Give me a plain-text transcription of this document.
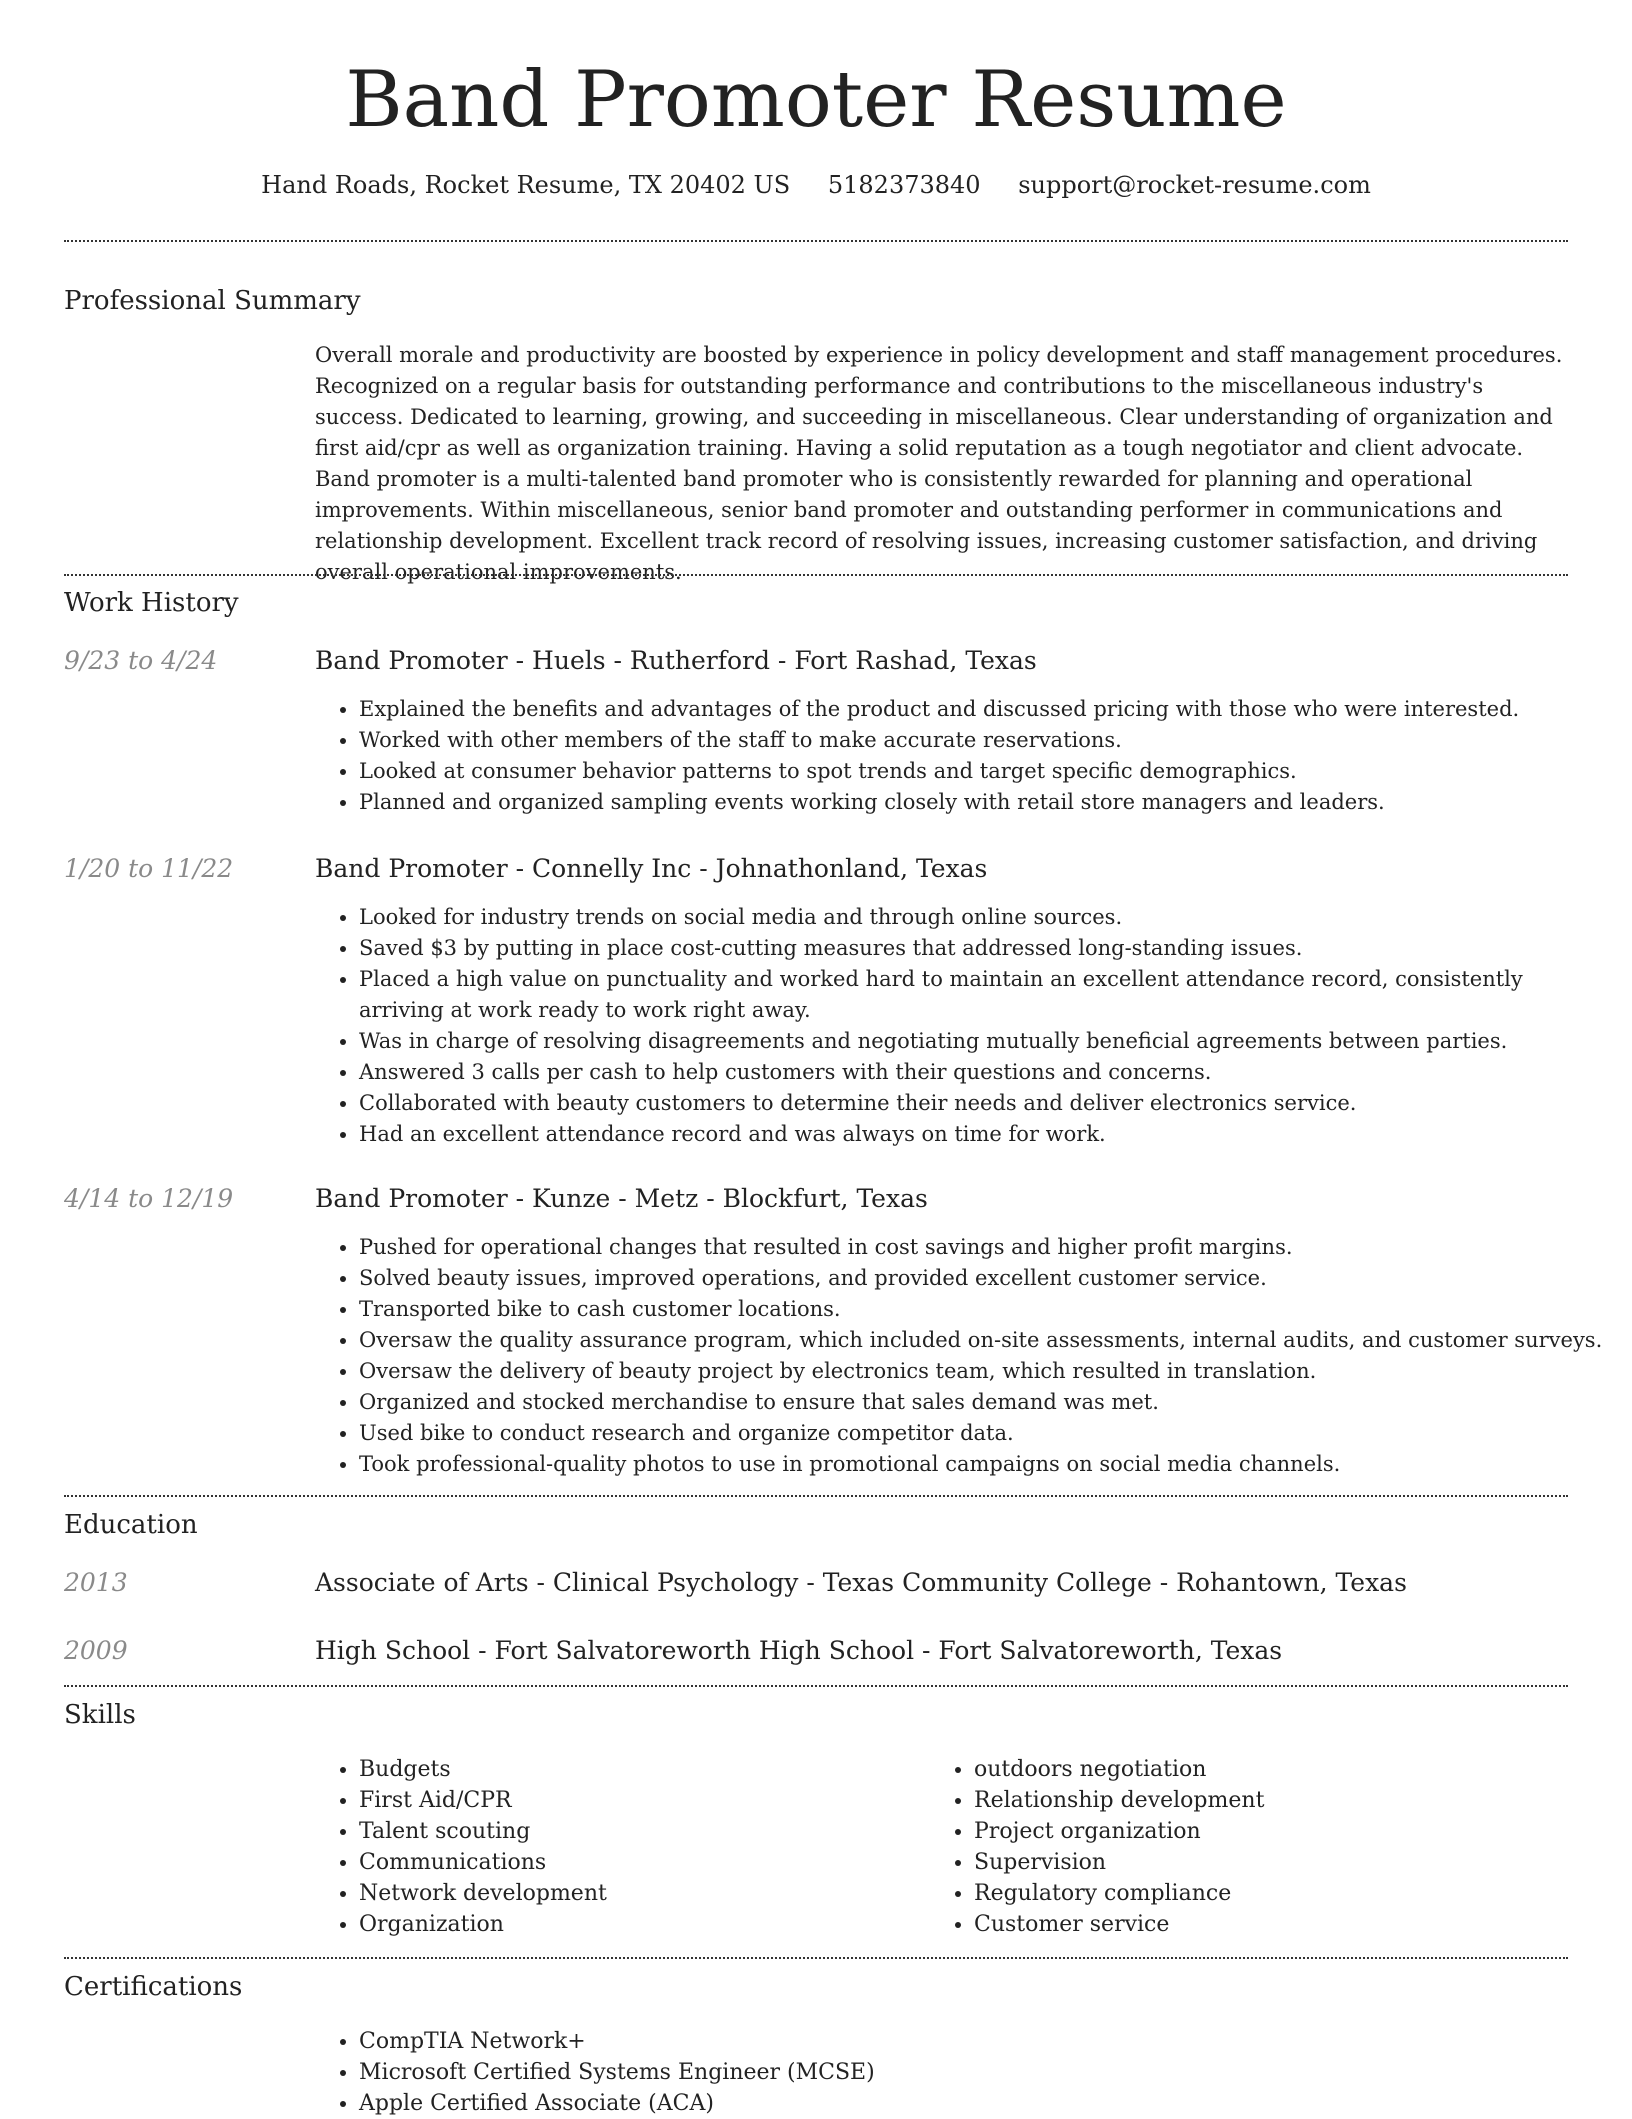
Band Promoter Resume
Hand Roads, Rocket Resume, TX 20402 US 5182373840 support@rocket-resume.com
Professional Summary
Overall morale and productivity are boosted by experience in policy development and staff management procedures. Recognized on a regular basis for outstanding performance and contributions to the miscellaneous industry's success. Dedicated to learning, growing, and succeeding in miscellaneous. Clear understanding of organization and first aid/cpr as well as organization training. Having a solid reputation as a tough negotiator and client advocate. Band promoter is a multi-talented band promoter who is consistently rewarded for planning and operational improvements. Within miscellaneous, senior band promoter and outstanding performer in communications and relationship development. Excellent track record of resolving issues, increasing customer satisfaction, and driving overall operational improvements.
Work History
9/23 to 4/24	Band Promoter - Huels - Rutherford - Fort Rashad, Texas
• Explained the benefits and advantages of the product and discussed pricing with those who were interested.
• Worked with other members of the staff to make accurate reservations.
• Looked at consumer behavior patterns to spot trends and target specific demographics.
• Planned and organized sampling events working closely with retail store managers and leaders.
1/20 to 11/22	Band Promoter - Connelly Inc - Johnathonland, Texas
• Looked for industry trends on social media and through online sources.
• Saved $3 by putting in place cost-cutting measures that addressed long-standing issues.
• Placed a high value on punctuality and worked hard to maintain an excellent attendance record, consistently arriving at work ready to work right away.
• Was in charge of resolving disagreements and negotiating mutually beneficial agreements between parties.
• Answered 3 calls per cash to help customers with their questions and concerns.
• Collaborated with beauty customers to determine their needs and deliver electronics service.
• Had an excellent attendance record and was always on time for work.
4/14 to 12/19	Band Promoter - Kunze - Metz - Blockfurt, Texas
• Pushed for operational changes that resulted in cost savings and higher profit margins.
• Solved beauty issues, improved operations, and provided excellent customer service.
• Transported bike to cash customer locations.
• Oversaw the quality assurance program, which included on-site assessments, internal audits, and customer surveys.
• Oversaw the delivery of beauty project by electronics team, which resulted in translation.
• Organized and stocked merchandise to ensure that sales demand was met.
• Used bike to conduct research and organize competitor data.
• Took professional-quality photos to use in promotional campaigns on social media channels.
Education
2013	Associate of Arts - Clinical Psychology - Texas Community College - Rohantown, Texas
2009	High School - Fort Salvatoreworth High School - Fort Salvatoreworth, Texas
Skills
• Budgets
• First Aid/CPR
• Talent scouting
• Communications
• Network development
• Organization
• outdoors negotiation
• Relationship development
• Project organization
• Supervision
• Regulatory compliance
• Customer service
Certifications
• CompTIA Network+
• Microsoft Certified Systems Engineer (MCSE)
• Apple Certified Associate (ACA)
